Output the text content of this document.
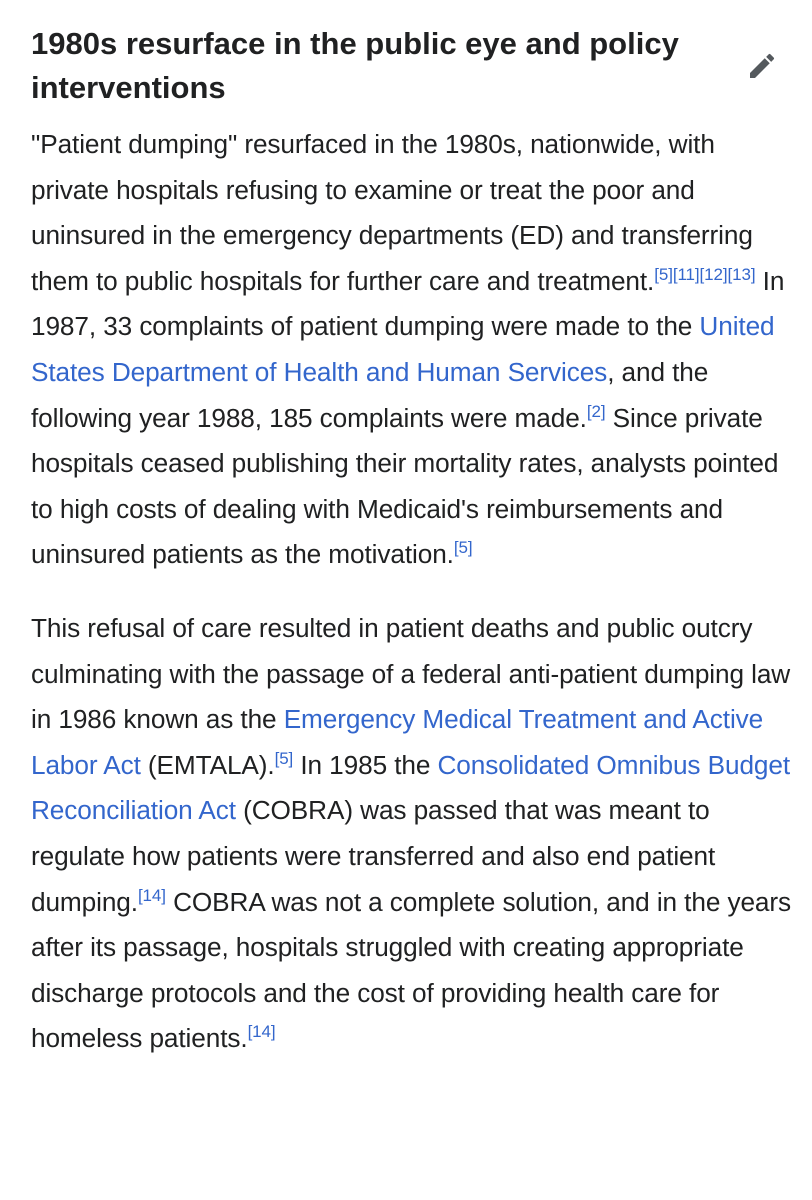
1980s resurface in the public eye and policy interventions

"Patient dumping" resurfaced in the 1980s, nationwide, with private hospitals refusing to examine or treat the poor and uninsured in the emergency departments (ED) and transferring them to public hospitals for further care and treatment.[5][11][12][13] In 1987, 33 complaints of patient dumping were made to the United States Department of Health and Human Services, and the following year 1988, 185 complaints were made.[2] Since private hospitals ceased publishing their mortality rates, analysts pointed to high costs of dealing with Medicaid's reimbursements and uninsured patients as the motivation.[5]

This refusal of care resulted in patient deaths and public outcry culminating with the passage of a federal anti-patient dumping law in 1986 known as the Emergency Medical Treatment and Active Labor Act (EMTALA).[5] In 1985 the Consolidated Omnibus Budget Reconciliation Act (COBRA) was passed that was meant to regulate how patients were transferred and also end patient dumping.[14] COBRA was not a complete solution, and in the years after its passage, hospitals struggled with creating appropriate discharge protocols and the cost of providing health care for homeless patients.[14]
